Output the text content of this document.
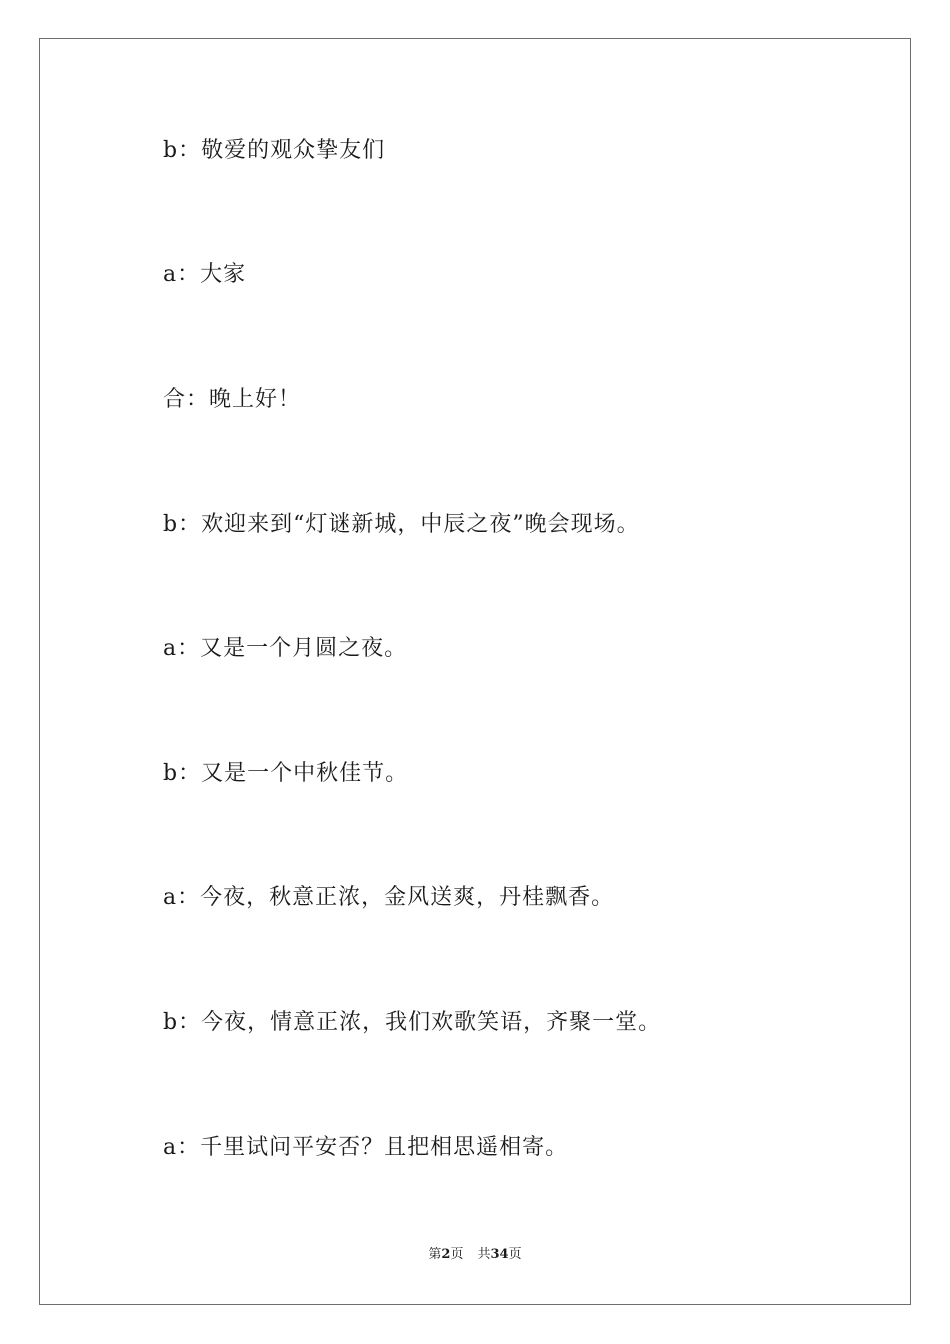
b：敬爱的观众挚友们
a：大家
合：晚上好！
b：欢迎来到“灯谜新城，中辰之夜”晚会现场。
a：又是一个月圆之夜。
b：又是一个中秋佳节。
a：今夜，秋意正浓，金风送爽，丹桂飘香。
b：今夜，情意正浓，我们欢歌笑语，齐聚一堂。
a：千里试问平安否？且把相思遥相寄。
第2页 共34页
